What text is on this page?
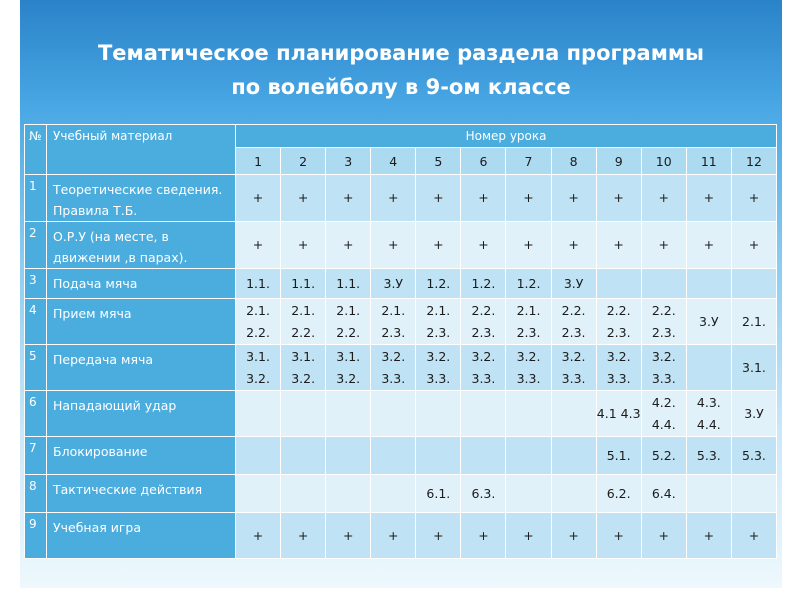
Тематическое планирование раздела программы
по волейболу в 9-ом классе
№	Учебный материал	Номер урока											
		1	2	3	4	5	6	7	8	9	10	11	12
1	Теоретические сведения. Правила Т.Б.	+	+	+	+	+	+	+	+	+	+	+	+
2	О.Р.У (на месте, в движении ,в парах).	+	+	+	+	+	+	+	+	+	+	+	+
3	Подача мяча	1.1.	1.1.	1.1.	3.У	1.2.	1.2.	1.2.	3.У				
4	Прием мяча	2.1. 2.2.	2.1. 2.2.	2.1. 2.2.	2.1. 2.3.	2.1. 2.3.	2.2. 2.3.	2.1. 2.3.	2.2. 2.3.	2.2. 2.3.	2.2. 2.3.	3.У	2.1.
5	Передача мяча	3.1. 3.2.	3.1. 3.2.	3.1. 3.2.	3.2. 3.3.	3.2. 3.3.	3.2. 3.3.	3.2. 3.3.	3.2. 3.3.	3.2. 3.3.	3.2. 3.3.		3.1.
6	Нападающий удар									4.1 4.3	4.2. 4.4.	4.3. 4.4.	3.У
7	Блокирование									5.1.	5.2.	5.3.	5.3.
8	Тактические действия					6.1.	6.3.			6.2.	6.4.		
9	Учебная игра	+	+	+	+	+	+	+	+	+	+	+	+
